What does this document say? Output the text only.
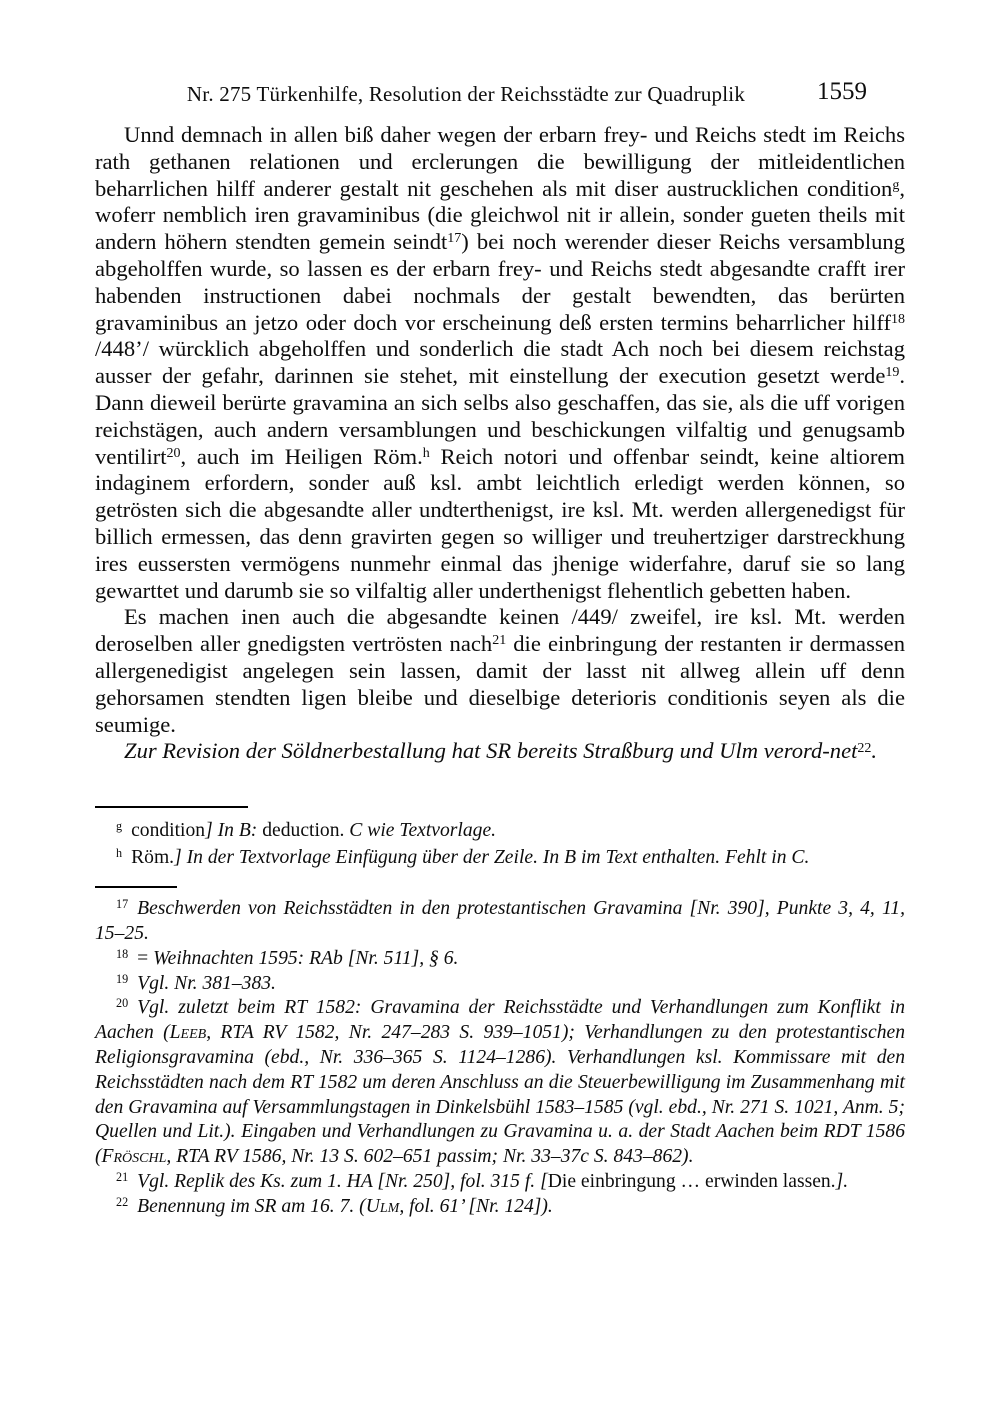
Nr. 275 Türkenhilfe, Resolution der Reichsstädte zur Quadruplik	1559

Unnd demnach in allen biß daher wegen der erbarn frey- und Reichs stedt im Reichs rath gethanen relationen und erclerungen die bewilligung der mitleidentlichen beharrlichen hilff anderer gestalt nit geschehen als mit diser austrucklichen condition$^g$, woferr nemblich iren gravaminibus (die gleichwol nit ir allein, sonder gueten theils mit andern höhern stendten gemein seindt$^{17}$) bei noch werender dieser Reichs versamblung abgeholffen wurde, so lassen es der erbarn frey- und Reichs stedt abgesandte crafft irer habenden instructionen dabei nochmals der gestalt bewendten, das berürten gravaminibus an jetzo oder doch vor erscheinung deß ersten termins beharrlicher hilff$^{18}$ /448’/ würcklich abgeholffen und sonderlich die stadt Ach noch bei diesem reichstag ausser der gefahr, darinnen sie stehet, mit einstellung der execution gesetzt werde$^{19}$. Dann dieweil berürte gravamina an sich selbs also geschaffen, das sie, als die uff vorigen reichstägen, auch andern versamblungen und beschickungen vilfaltig und genugsamb ventilirt$^{20}$, auch im Heiligen Röm.$^h$ Reich notori und offenbar seindt, keine altiorem indaginem erfordern, sonder auß ksl. ambt leichtlich erledigt werden können, so getrösten sich die abgesandte aller undterthenigst, ire ksl. Mt. werden allergenedigst für billich ermessen, das denn gravirten gegen so williger und treuhertziger darstreckhung ires eussersten vermögens nunmehr einmal das jhenige widerfahre, daruf sie so lang gewarttet und darumb sie so vilfaltig aller underthenigst flehentlich gebetten haben.

Es machen inen auch die abgesandte keinen /449/ zweifel, ire ksl. Mt. werden deroselben aller gnedigsten vertrösten nach$^{21}$ die einbringung der restanten ir dermassen allergenedigist angelegen sein lassen, damit der lasst nit allweg allein uff denn gehorsamen stendten ligen bleibe und dieselbige deterioris conditionis seyen als die seumige.

Zur Revision der Söldnerbestallung hat SR bereits Straßburg und Ulm verord-net$^{22}$.

$^g$ condition] In B: deduction. C wie Textvorlage.

$^h$ Röm.] In der Textvorlage Einfügung über der Zeile. In B im Text enthalten. Fehlt in C.

$^{17}$ Beschwerden von Reichsstädten in den protestantischen Gravamina [Nr. 390], Punkte 3, 4, 11, 15–25.

$^{18}$ = Weihnachten 1595: RAb [Nr. 511], § 6.

$^{19}$ Vgl. Nr. 381–383.

$^{20}$ Vgl. zuletzt beim RT 1582: Gravamina der Reichsstädte und Verhandlungen zum Konflikt in Aachen (Leeb, RTA RV 1582, Nr. 247–283 S. 939–1051); Verhandlungen zu den protestantischen Religionsgravamina (ebd., Nr. 336–365 S. 1124–1286). Verhandlungen ksl. Kommissare mit den Reichsstädten nach dem RT 1582 um deren Anschluss an die Steuerbewilligung im Zusammenhang mit den Gravamina auf Versammlungstagen in Dinkelsbühl 1583–1585 (vgl. ebd., Nr. 271 S. 1021, Anm. 5; Quellen und Lit.). Eingaben und Verhandlungen zu Gravamina u. a. der Stadt Aachen beim RDT 1586 (Fröschl, RTA RV 1586, Nr. 13 S. 602–651 passim; Nr. 33–37c S. 843–862).

$^{21}$ Vgl. Replik des Ks. zum 1. HA [Nr. 250], fol. 315 f. [Die einbringung … erwinden lassen.].

$^{22}$ Benennung im SR am 16. 7. (Ulm, fol. 61’ [Nr. 124]).
